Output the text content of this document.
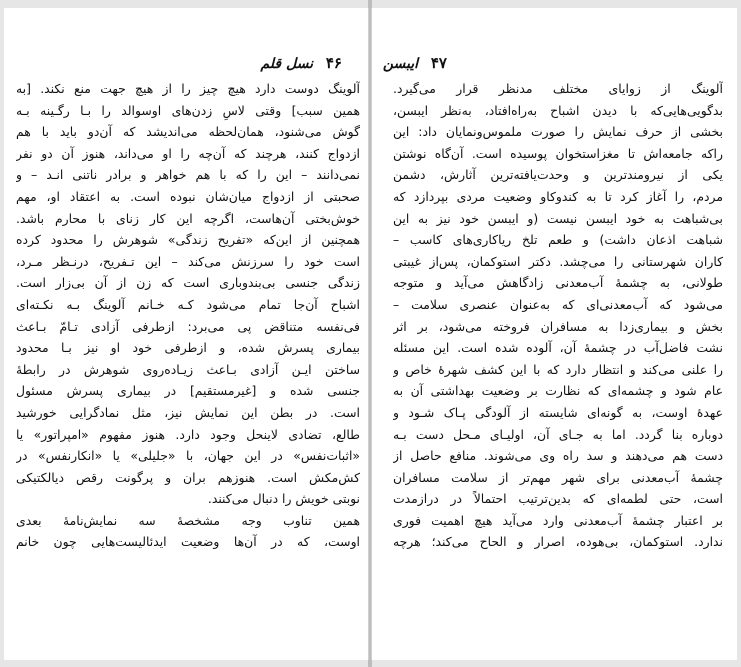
۴۶ نسل قلم
آلوینگ دوست دارد هیچ چیز را از هیچ جهت منع نکند. [به
همین سبب] وقتی لاسِ زدن‌های اوسوالد را بـا رگـینه بـه
گوش می‌شنود، همان‌لحظه می‌اندیشد که آن‌دو باید با هم
ازدواج کنند، هرچند که آن‌چه را او می‌داند، هنوز آن دو نفر
نمی‌دانند – این را که با هم خواهر و برادر ناتنی انـد – و
صحبتی از ازدواج میان‌شان نبوده است. به اعتقاد او، مهم
خوش‌بختی آن‌هاست، اگرچه این کار زنای با محارم باشد.
همچنین از این‌که «تفریح زندگی» شوهرش را محدود کرده
است خود را سرزنش می‌کند – این تـفریح، درنـظر مـرد،
زندگی جنسی بی‌بندوباری است که زن از آن بی‌زار است.
اشباح آن‌جا تمام می‌شود کـه خـانم آلوینگ بـه نکـته‌ای
فی‌نفسه متناقض پی می‌برد: ازطرفی آزادی تـامّ بـاعث
بیماری پسرش شده، و ازطرفی خود او نیز بـا محدود
ساختن ایـن آزادی بـاعث زیـاده‌روی شوهرش در رابطهٔ
جنسی شده و [غیرمستقیم] در بیماری پسرش مسئول
است. در بطن این نمایش نیز، مثل نمادگرایی خورشید
طالع، تضادی لاینحل وجود دارد. هنوز مفهوم «امپراتور» یا
«اثبات‌نفس» در این جهان، با «جلیلی» یا «انکارنفس» در
کش‌مکش است. هنوزهم بران و پرگونت رقص دیالکتیکی
نوبتی خویش را دنبال می‌کنند.
همین تناوب وجه مشخصهٔ سه نمایش‌نامهٔ بعدی
اوست، که در آن‌ها وضعیت ایدئالیست‌هایی چون خانم
۴۷ ایبسن
آلوینگ از زوایای مختلف مدنظر قرار می‌گیرد.
بدگویی‌هایی‌که با دیدن اشباح به‌راه‌افتاد، به‌نظر ایبسن،
بخشی از حرف نمایش را صورت ملموس‌ونمایان داد: این
راکه جامعه‌اش تا مغزاستخوان پوسیده است. آن‌گاه نوشتن
یکی از نیرومندترین و وحدت‌یافته‌ترین آثارش، دشمن
مردم، را آغاز کرد تا به کندوکاو وضعیت مردی بپردازد که
بی‌شباهت به خود ایبسن نیست (و ایبسن خود نیز به این
شباهت اذعان داشت) و طعم تلخ ریاکاری‌های کاسب –
کاران شهرستانی را می‌چشد. دکتر استوکمان، پس‌از غیبتی
طولانی، به چشمهٔ آب‌معدنی زادگاهش می‌آید و متوجه
می‌شود که آب‌معدنی‌ای که به‌عنوان عنصری سلامت –
بخش و بیماری‌زدا به مسافران فروخته می‌شود، بر اثر
نشت فاضل‌آب در چشمهٔ آن، آلوده شده است. این مسئله
را علنی می‌کند و انتظار دارد که با این کشف شهرهٔ خاص و
عام شود و چشمه‌ای که نظارت بر وضعیت بهداشتی آن به
عهدهٔ اوست، به گونه‌ای شایسته از آلودگی پـاک شـود و
دوباره بنا گردد. اما به جـای آن، اولیـای مـحل دست بـه
دست هم می‌دهند و سد راه وی می‌شوند. منافع حاصل از
چشمهٔ آب‌معدنی برای شهر مهم‌تر از سلامت مسافران
است، حتی لطمه‌ای که بدین‌ترتیب احتمالاً در درازمدت
بر اعتبار چشمهٔ آب‌معدنی وارد می‌آید هیچ اهمیت فوری
ندارد. استوکمان، بی‌هوده، اصرار و الحاح می‌کند؛ هرچه
